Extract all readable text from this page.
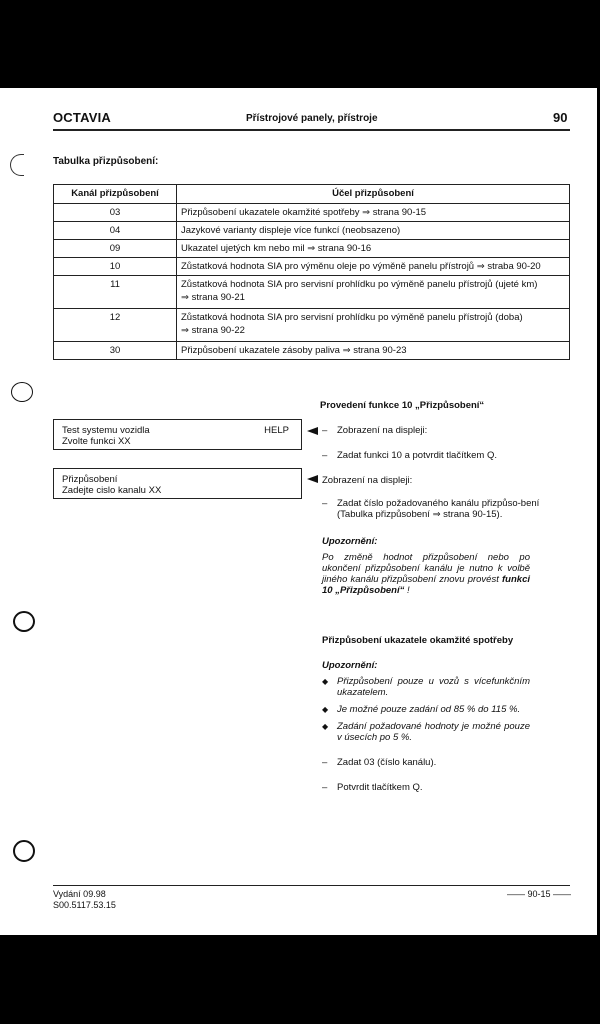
OCTAVIA	Přístrojové panely, přístroje	90
Tabulka přizpůsobení:
Kanál přizpůsobení	Účel přizpůsobení
03	Přizpůsobení ukazatele okamžité spotřeby ⇒ strana 90-15
04	Jazykové varianty displeje více funkcí (neobsazeno)
09	Ukazatel ujetých km nebo mil ⇒ strana 90-16
10	Zůstatková hodnota SIA pro výměnu oleje po výměně panelu přístrojů ⇒ straba 90-20
11	Zůstatková hodnota SIA pro servisní prohlídku po výměně panelu přístrojů (ujeté km)
⇒ strana 90-21

12	Zůstatková hodnota SIA pro servisní prohlídku po výměně panelu přístrojů (doba)
⇒ strana 90-22

30	Přizpůsobení ukazatele zásoby paliva ⇒ strana 90-23
Test systemu vozidla
Zvolte funkci XX
HELP
Přizpůsobení
Zadejte cislo kanalu XX
Provedení funkce 10 „Přizpůsobení“
– Zobrazení na displeji:
– Zadat funkci 10 a potvrdit tlačítkem Q.
Zobrazení na displeji:
– Zadat číslo požadovaného kanálu přizpůso-bení (Tabulka přizpůsobení ⇒ strana 90-15).
Upozornění:
Po změně hodnot přizpůsobení nebo po ukončení přizpůsobení kanálu je nutno k volbě jiného kanálu přizpůsobení znovu provést funkci 10 „Přizpůsobení“ !
Přizpůsobení ukazatele okamžité spotřeby
Upozornění:
◆ Přizpůsobení pouze u vozů s vícefunkčním ukazatelem.
◆ Je možné pouze zadání od 85 % do 115 %.
◆ Zadání požadované hodnoty je možné pouze v úsecích po 5 %.
– Zadat 03 (číslo kanálu).
– Potvrdit tlačítkem Q.
Vydání 09.98
S00.5117.53.15
—— 90-15 ——
